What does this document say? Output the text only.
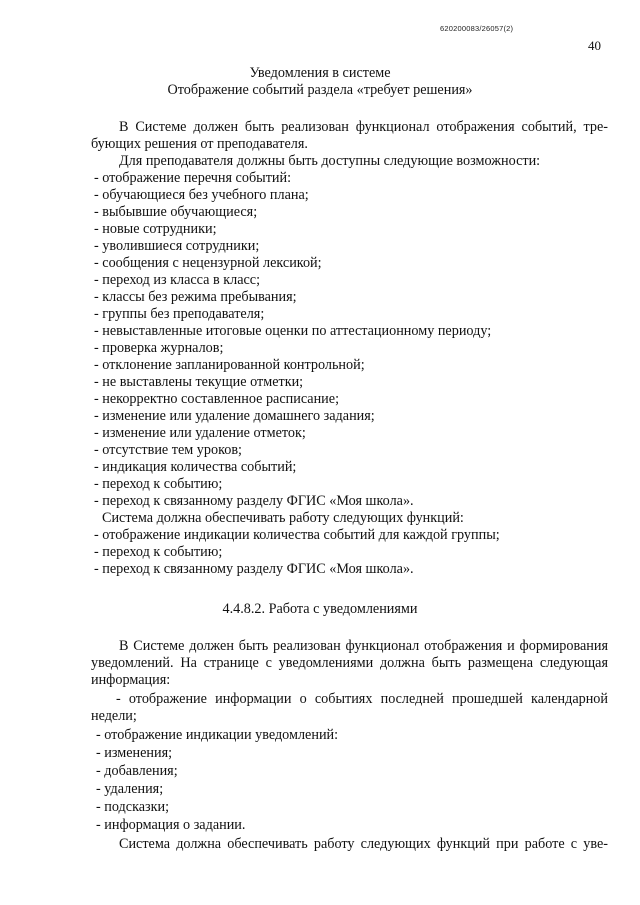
620200083/26057(2)
40
Уведомления в системе
Отображение событий раздела «требует решения»
В Системе должен быть реализован функционал отображения событий, тре-
бующих решения от преподавателя.
Для преподавателя должны быть доступны следующие возможности:
- отображение перечня событий:
- обучающиеся без учебного плана;
- выбывшие обучающиеся;
- новые сотрудники;
- уволившиеся сотрудники;
- сообщения с нецензурной лексикой;
- переход из класса в класс;
- классы без режима пребывания;
- группы без преподавателя;
- невыставленные итоговые оценки по аттестационному периоду;
- проверка журналов;
- отклонение запланированной контрольной;
- не выставлены текущие отметки;
- некорректно составленное расписание;
- изменение или удаление домашнего задания;
- изменение или удаление отметок;
- отсутствие тем уроков;
- индикация количества событий;
- переход к событию;
- переход к связанному разделу ФГИС «Моя школа».
Система должна обеспечивать работу следующих функций:
- отображение индикации количества событий для каждой группы;
- переход к событию;
- переход к связанному разделу ФГИС «Моя школа».
4.4.8.2. Работа с уведомлениями
В Системе должен быть реализован функционал отображения и формирования
уведомлений. На странице с уведомлениями должна быть размещена следующая
информация:
- отображение информации о событиях последней прошедшей календарной
недели;
- отображение индикации уведомлений:
- изменения;
- добавления;
- удаления;
- подсказки;
- информация о задании.
Система должна обеспечивать работу следующих функций при работе с уве-
